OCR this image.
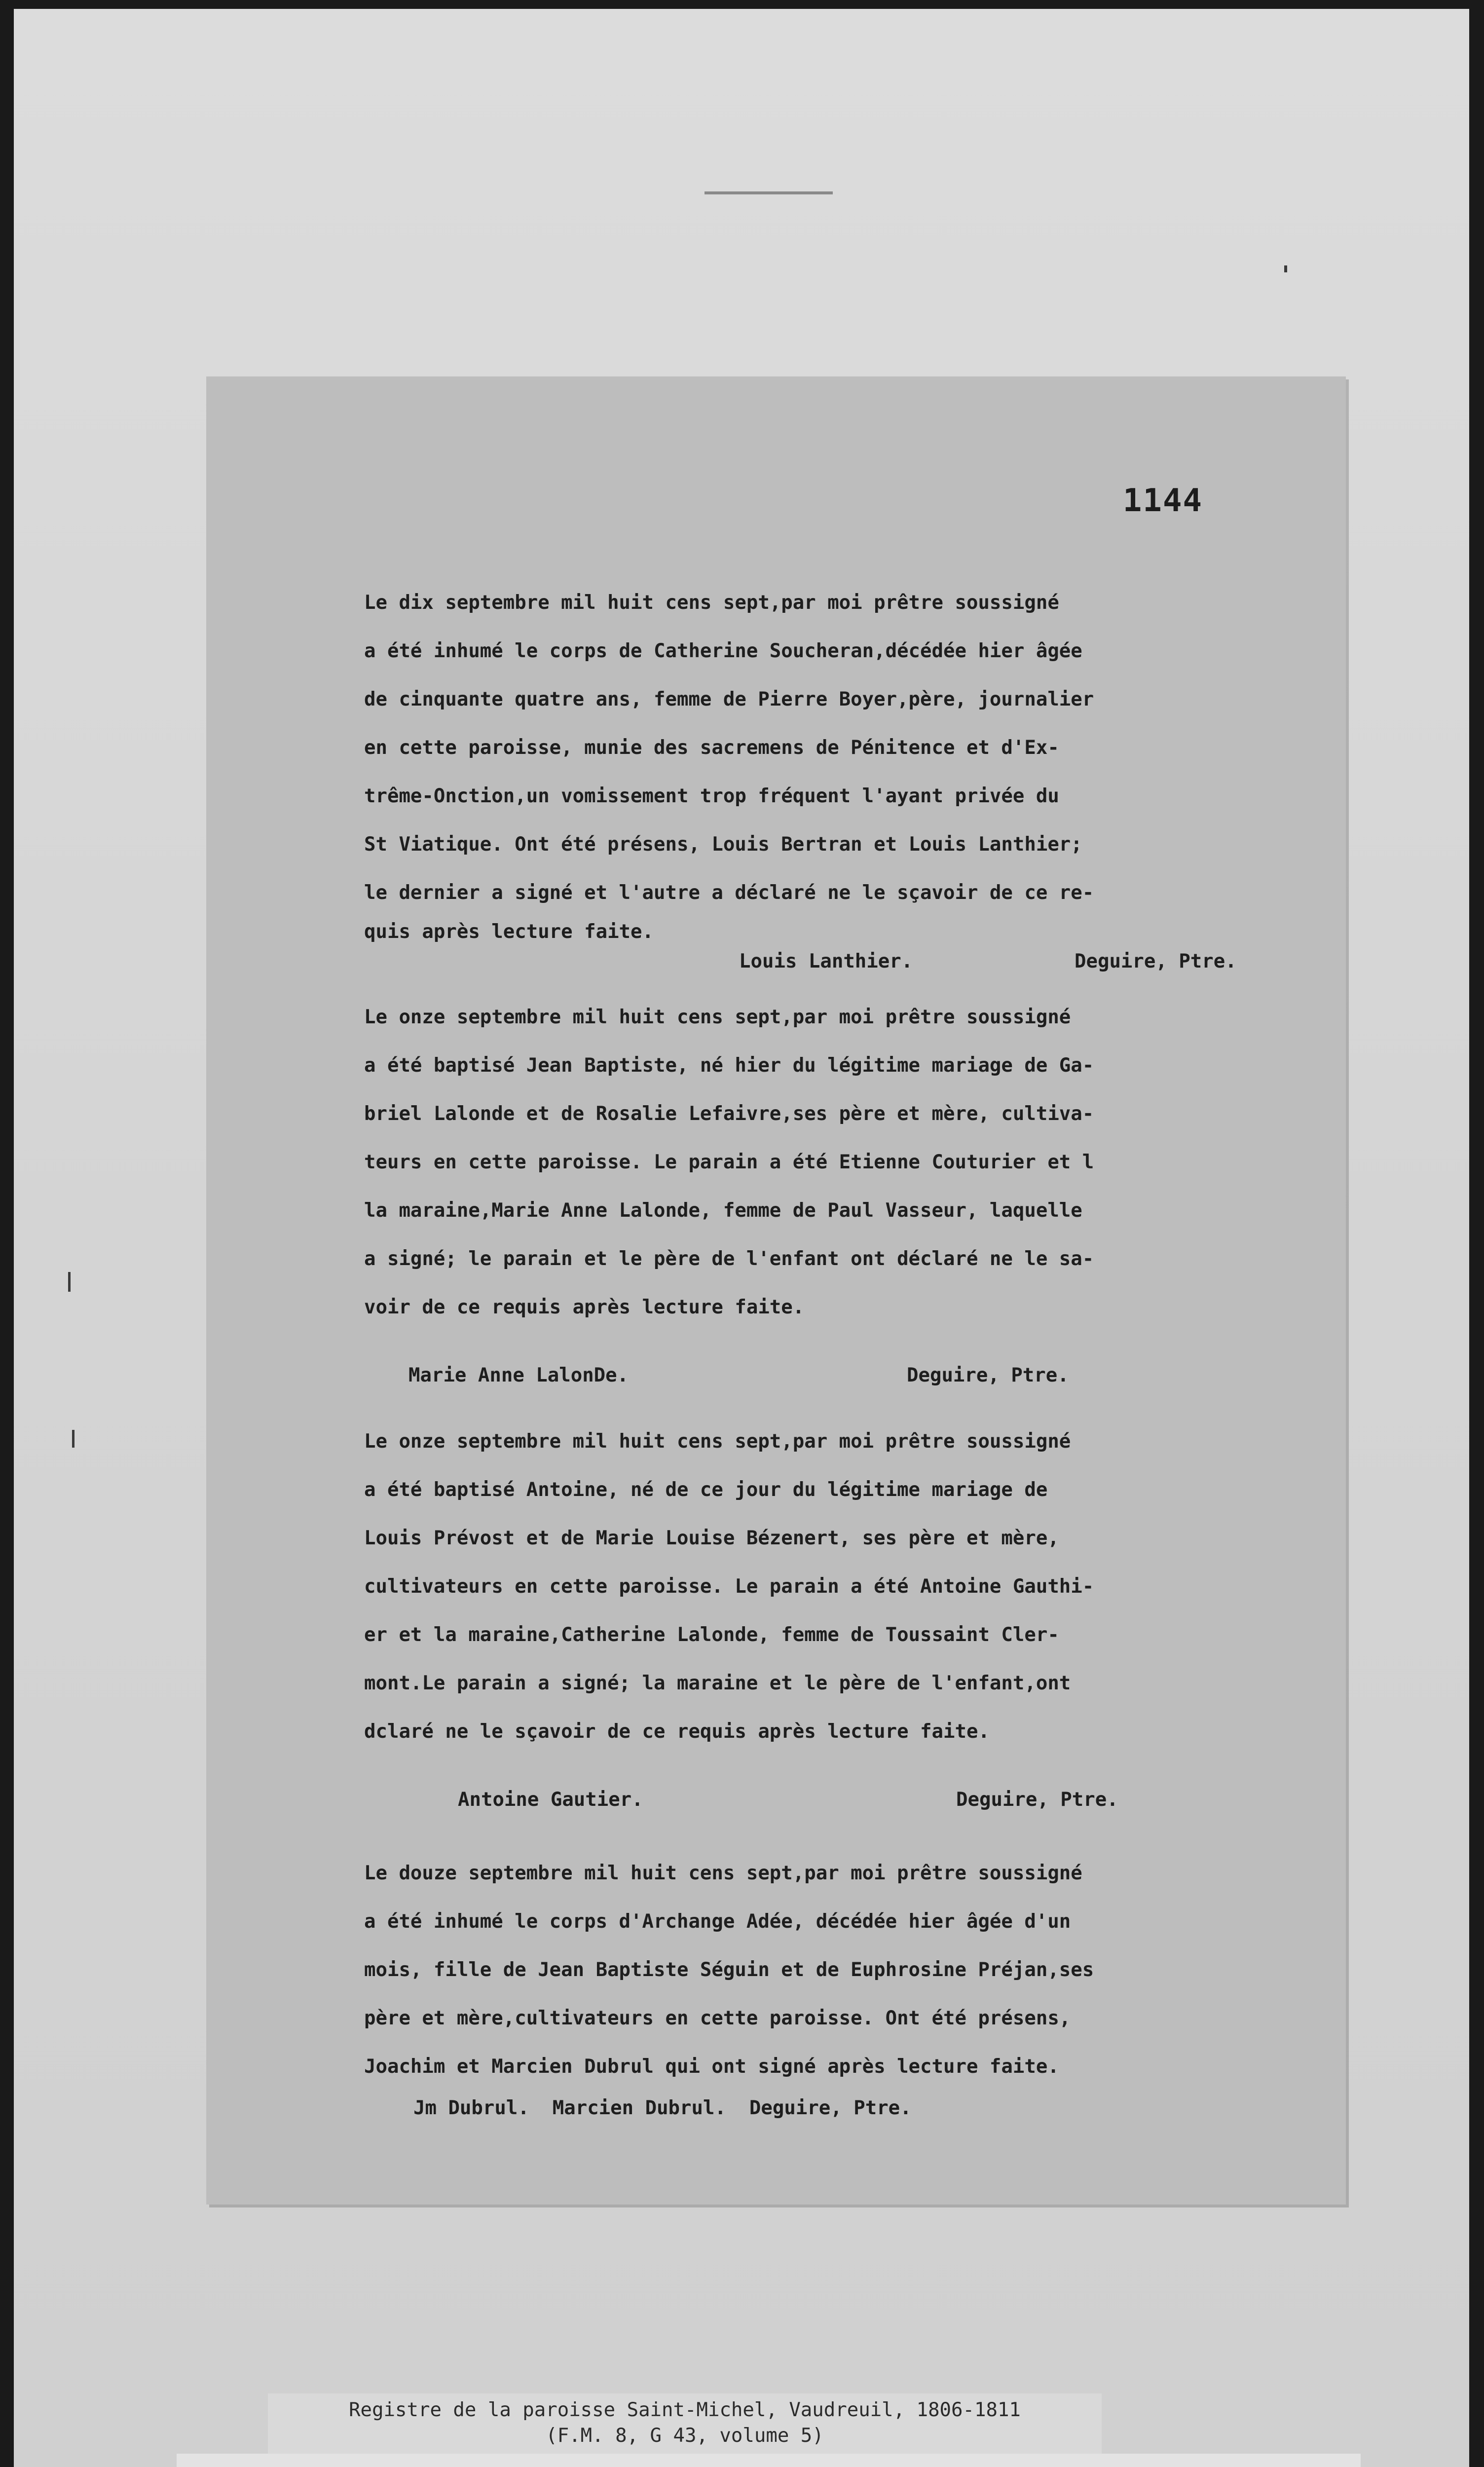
1144
Le dix septembre mil huit cens sept,par moi prêtre soussigné
a été inhumé le corps de Catherine Soucheran,décédée hier âgée
de cinquante quatre ans, femme de Pierre Boyer,père, journalier
en cette paroisse, munie des sacremens de Pénitence et d'Ex-
trême-Onction,un vomissement trop fréquent l'ayant privée du
St Viatique. Ont été présens, Louis Bertran et Louis Lanthier;
le dernier a signé et l'autre a déclaré ne le sçavoir de ce re-

quis après lecture faite.

Louis Lanthier.

	Deguire, Ptre.

Le onze septembre mil huit cens sept,par moi prêtre soussigné
a été baptisé Jean Baptiste, né hier du légitime mariage de Ga-
briel Lalonde et de Rosalie Lefaivre,ses père et mère, cultiva-
teurs en cette paroisse. Le parain a été Etienne Couturier et l
la maraine,Marie Anne Lalonde, femme de Paul Vasseur, laquelle
a signé; le parain et le père de l'enfant ont déclaré ne le sa-
voir de ce requis après lecture faite.

Marie Anne LalonDe.

	Deguire, Ptre.

Le onze septembre mil huit cens sept,par moi prêtre soussigné
a été baptisé Antoine, né de ce jour du légitime mariage de
Louis Prévost et de Marie Louise Bézenert, ses père et mère,
cultivateurs en cette paroisse. Le parain a été Antoine Gauthi-
er et la maraine,Catherine Lalonde, femme de Toussaint Cler-
mont.Le parain a signé; la maraine et le père de l'enfant,ont
dclaré ne le sçavoir de ce requis après lecture faite.

Antoine Gautier.

	Deguire, Ptre.

Le douze septembre mil huit cens sept,par moi prêtre soussigné
a été inhumé le corps d'Archange Adée, décédée hier âgée d'un
mois, fille de Jean Baptiste Séguin et de Euphrosine Préjan,ses
père et mère,cultivateurs en cette paroisse. Ont été présens,
Joachim et Marcien Dubrul qui ont signé après lecture faite.

Jm Dubrul.  Marcien Dubrul.  Deguire, Ptre.

Registre de la paroisse Saint-Michel, Vaudreuil, 1806-1811
(F.M. 8, G 43, volume 5)
